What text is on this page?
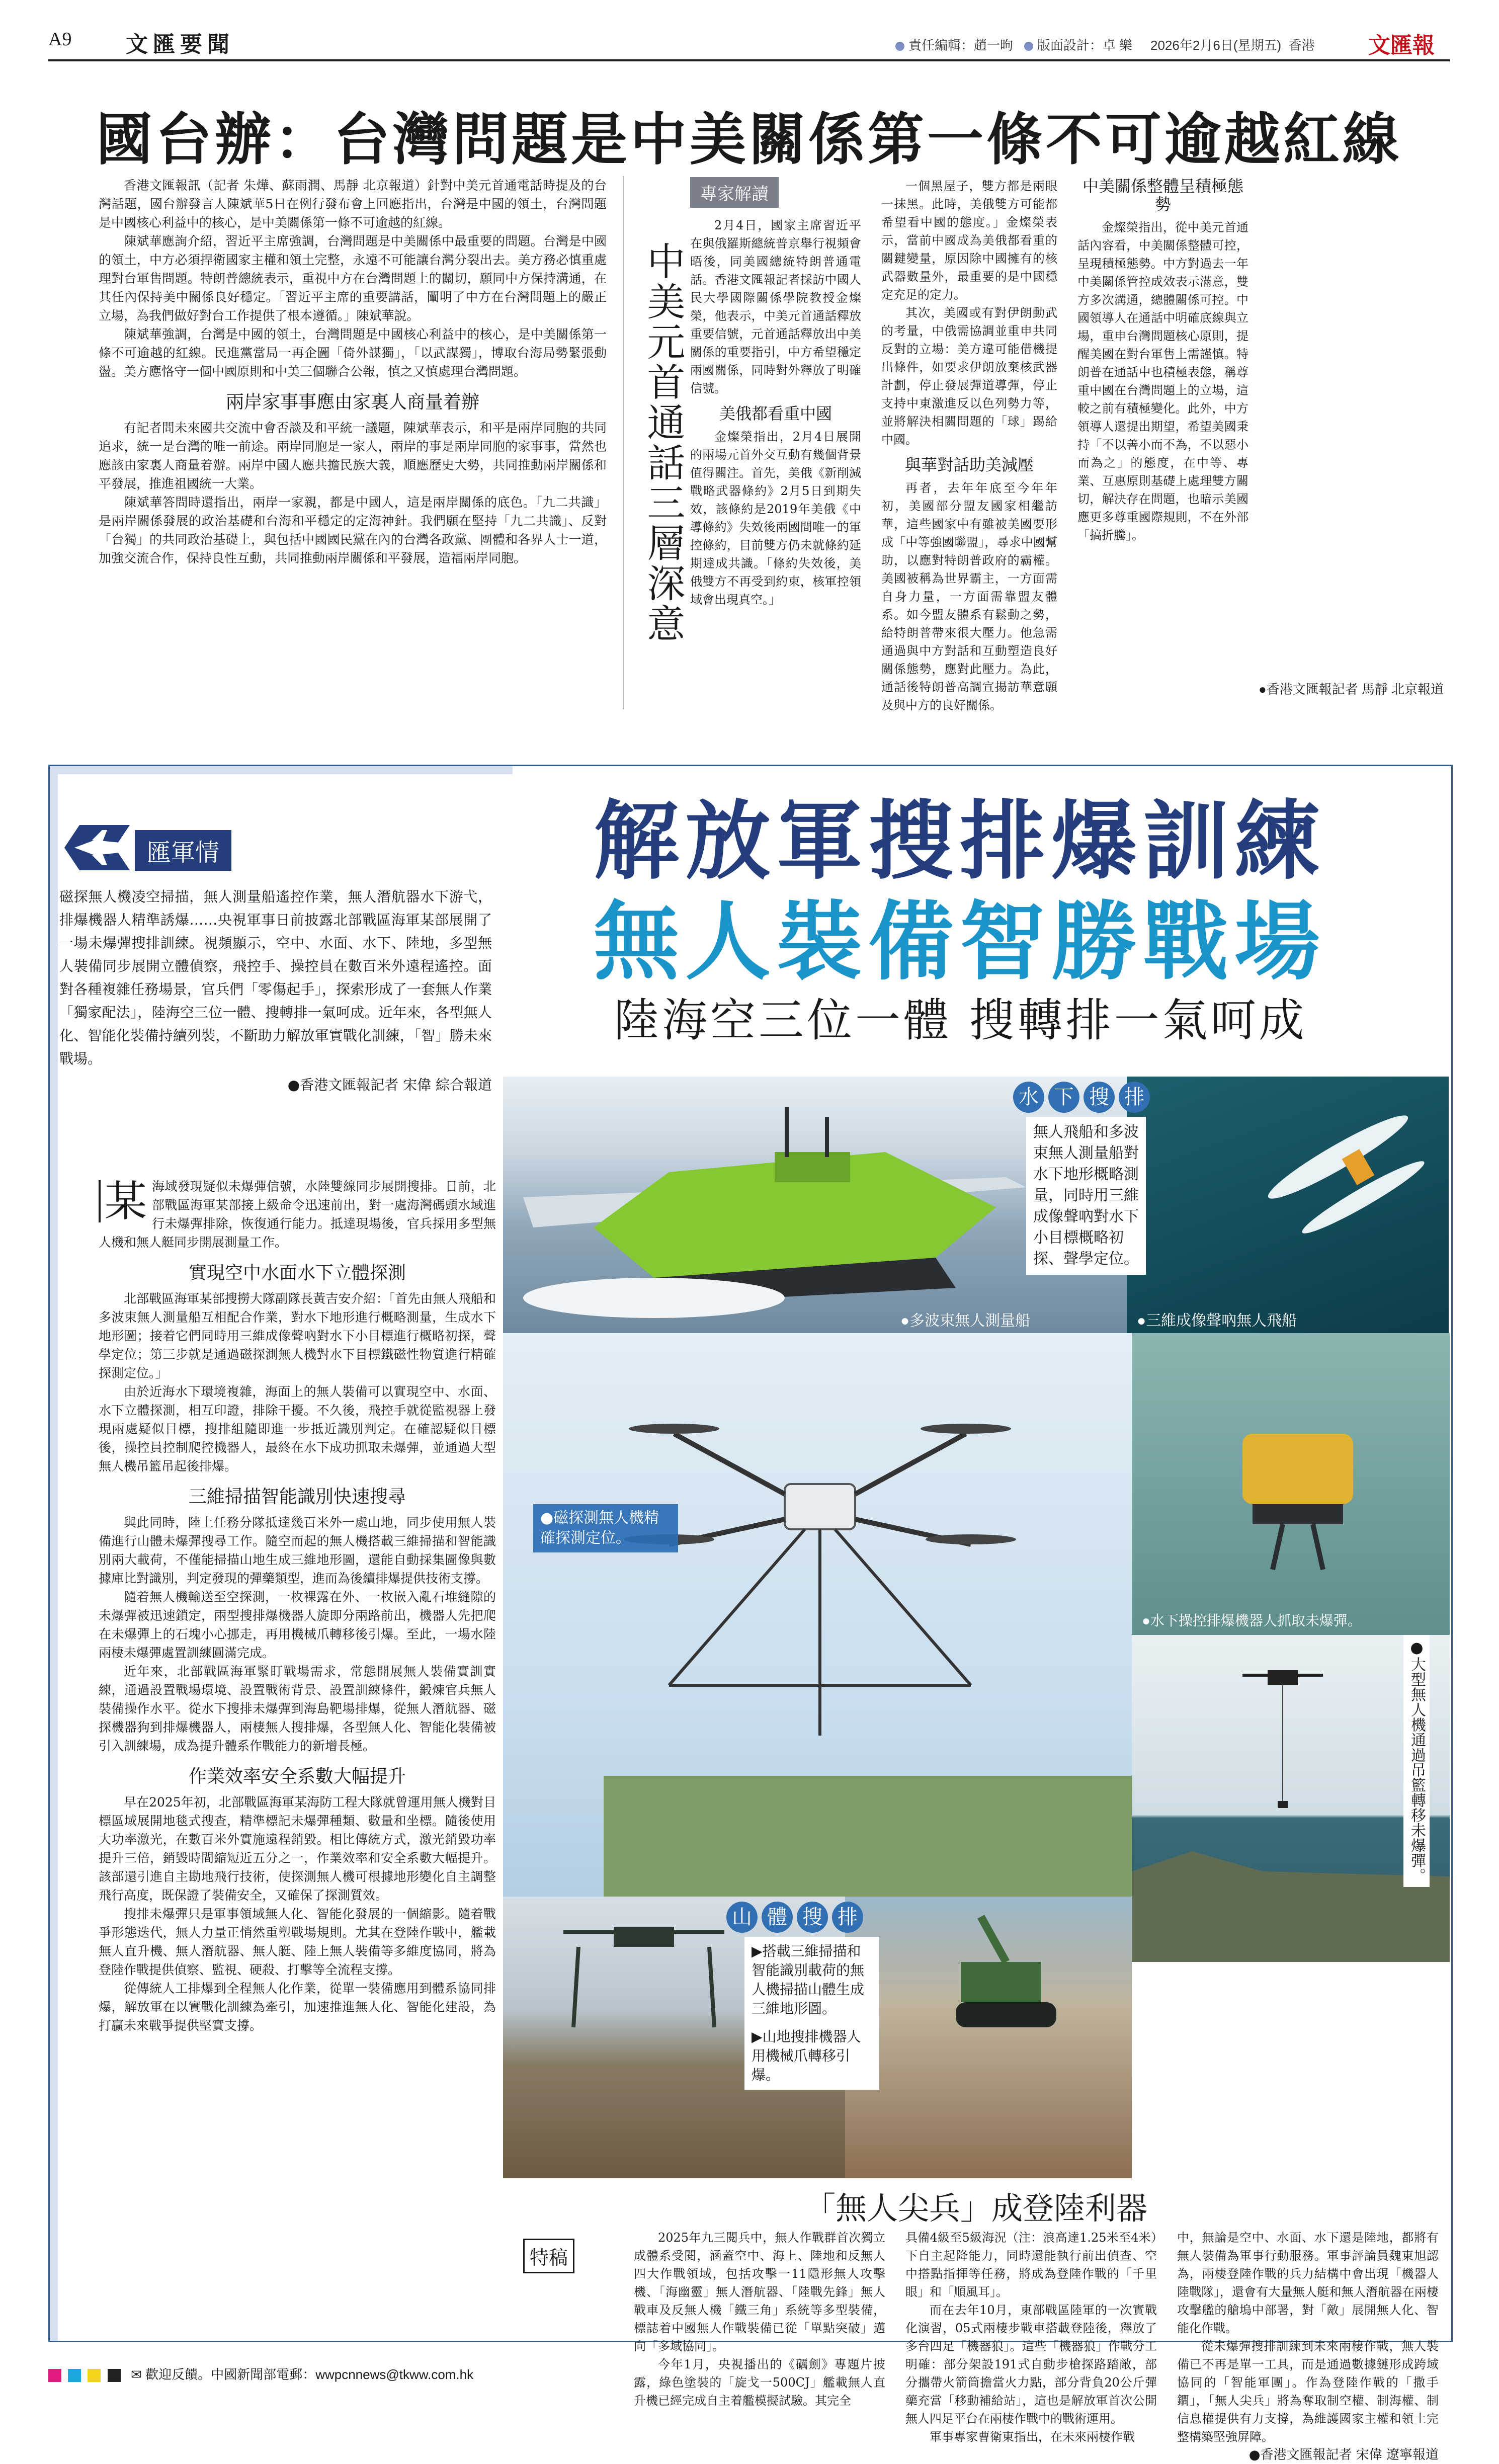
A9 文匯要聞	責任編輯：趙一昫 版面設計：卓 樂 2026年2月6日(星期五) 香港 文匯報
國台辦：台灣問題是中美關係第一條不可逾越紅線

香港文匯報訊（記者 朱燁、蘇雨潤、馬靜 北京報道）針對中美元首通電話時提及的台灣話題，國台辦發言人陳斌華5日在例行發布會上回應指出，台灣是中國的領土，台灣問題是中國核心利益中的核心，是中美關係第一條不可逾越的紅線。

陳斌華應詢介紹，習近平主席強調，台灣問題是中美關係中最重要的問題。台灣是中國的領土，中方必須捍衛國家主權和領土完整，永遠不可能讓台灣分裂出去。美方務必慎重處理對台軍售問題。特朗普總統表示，重視中方在台灣問題上的關切，願同中方保持溝通，在其任內保持美中關係良好穩定。「習近平主席的重要講話，闡明了中方在台灣問題上的嚴正立場，為我們做好對台工作提供了根本遵循。」陳斌華說。

陳斌華強調，台灣是中國的領土，台灣問題是中國核心利益中的核心，是中美關係第一條不可逾越的紅線。民進黨當局一再企圖「倚外謀獨」，「以武謀獨」，博取台海局勢緊張動盪。美方應恪守一個中國原則和中美三個聯合公報，慎之又慎處理台灣問題。

兩岸家事事應由家裏人商量着辦

有記者問未來國共交流中會否談及和平統一議題，陳斌華表示，和平是兩岸同胞的共同追求，統一是台灣的唯一前途。兩岸同胞是一家人，兩岸的事是兩岸同胞的家事事，當然也應該由家裏人商量着辦。兩岸中國人應共擔民族大義，順應歷史大勢，共同推動兩岸關係和平發展，推進祖國統一大業。

陳斌華答問時還指出，兩岸一家親，都是中國人，這是兩岸關係的底色。「九二共識」是兩岸關係發展的政治基礎和台海和平穩定的定海神針。我們願在堅持「九二共識」、反對「台獨」的共同政治基礎上，與包括中國國民黨在內的台灣各政黨、團體和各界人士一道，加強交流合作，保持良性互動，共同推動兩岸關係和平發展，造福兩岸同胞。	中美元首通話三層深意
專家解讀

2月4日，國家主席習近平在與俄羅斯總統普京舉行視頻會晤後，同美國總統特朗普通電話。香港文匯報記者採訪中國人民大學國際關係學院教授金燦榮，他表示，中美元首通話釋放重要信號，元首通話釋放出中美關係的重要指引，中方希望穩定兩國關係，同時對外釋放了明確信號。

美俄都看重中國

金燦榮指出，2月4日展開的兩場元首外交互動有幾個背景值得關注。首先，美俄《新削減戰略武器條約》2月5日到期失效，該條約是2019年美俄《中導條約》失效後兩國間唯一的軍控條約，目前雙方仍未就條約延期達成共識。「條約失效後，美俄雙方不再受到約束，核軍控領域會出現真空。」

一個黑屋子，雙方都是兩眼一抹黑。此時，美俄雙方可能都希望看中國的態度。」金燦榮表示，當前中國成為美俄都看重的關鍵變量，原因除中國擁有的核武器數量外，最重要的是中國穩定充足的定力。

其次，美國或有對伊朗動武的考量，中俄需協調並重申共同反對的立場：美方違可能借機提出條件，如要求伊朗放棄核武器計劃，停止發展彈道導彈，停止支持中東激進反以色列勢力等，並將解決相關問題的「球」踢給中國。

與華對話助美減壓

再者，去年年底至今年年初，美國部分盟友國家相繼訪華，這些國家中有雖被美國要形成「中等強國聯盟」，尋求中國幫助，以應對特朗普政府的霸權。美國被稱為世界霸主，一方面需自身力量，一方面需靠盟友體系。如今盟友體系有鬆動之勢，給特朗普帶來很大壓力。他急需通過與中方對話和互動塑造良好關係態勢，應對此壓力。為此，通話後特朗普高調宣揚訪華意願及與中方的良好關係。

中美關係整體呈積極態勢

金燦榮指出，從中美元首通話內容看，中美關係整體可控，呈現積極態勢。中方對過去一年中美關係管控成效表示滿意，雙方多次溝通，總體關係可控。中國領導人在通話中明確底線與立場，重申台灣問題核心原則，提醒美國在對台軍售上需謹慎。特朗普在通話中也積極表態，稱尊重中國在台灣問題上的立場，這較之前有積極變化。此外，中方領導人還提出期望，希望美國秉持「不以善小而不為，不以惡小而為之」的態度，在中等、專業、互惠原則基礎上處理雙方關切，解決存在問題，也暗示美國應更多尊重國際規則，不在外部「搞折騰」。

●香港文匯報記者 馬靜 北京報道
匯軍情	解放軍搜排爆訓練
無人裝備智勝戰場
陸海空三位一體 搜轉排一氣呵成
磁探無人機凌空掃描，無人測量船遙控作業，無人潛航器水下游弋，排爆機器人精準誘爆……央視軍事日前披露北部戰區海軍某部展開了一場未爆彈搜排訓練。視頻顯示，空中、水面、水下、陸地，多型無人裝備同步展開立體偵察，飛控手、操控員在數百米外遠程遙控。面對各種複雜任務場景，官兵們「零傷起手」，探索形成了一套無人作業「獨家配法」，陸海空三位一體、搜轉排一氣呵成。近年來，各型無人化、智能化裝備持續列裝，不斷助力解放軍實戰化訓練，「智」勝未來戰場。
●香港文匯報記者 宋偉 綜合報道
某 海域發現疑似未爆彈信號，水陸雙線同步展開搜排。日前，北部戰區海軍某部接上級命令迅速前出，對一處海灣碼頭水域進行未爆彈排除，恢復通行能力。抵達現場後，官兵採用多型無人機和無人艇同步開展測量工作。
實現空中水面水下立體探測

北部戰區海軍某部搜撈大隊副隊長黃吉安介紹：「首先由無人飛船和多波束無人測量船互相配合作業，對水下地形進行概略測量，生成水下地形圖；接着它們同時用三維成像聲吶對水下小目標進行概略初探，聲學定位；第三步就是通過磁探測無人機對水下目標鐵磁性物質進行精確探測定位。」

由於近海水下環境複雜，海面上的無人裝備可以實現空中、水面、水下立體探測，相互印證，排除干擾。不久後，飛控手就從監視器上發現兩處疑似目標，搜排組隨即進一步抵近識別判定。在確認疑似目標後，操控員控制爬控機器人，最終在水下成功抓取未爆彈，並通過大型無人機吊籃吊起後排爆。

三維掃描智能識別快速搜尋

與此同時，陸上任務分隊抵達幾百米外一處山地，同步使用無人裝備進行山體未爆彈搜尋工作。隨空而起的無人機搭載三維掃描和智能識別兩大載荷，不僅能掃描山地生成三維地形圖，還能自動採集圖像與數據庫比對識別，判定發現的彈藥類型，進而為後續排爆提供技術支撐。

隨着無人機輸送至空探測，一枚裸露在外、一枚嵌入亂石堆縫隙的未爆彈被迅速鎖定，兩型搜排爆機器人旋即分兩路前出，機器人先把爬在未爆彈上的石塊小心挪走，再用機械爪轉移後引爆。至此，一場水陸兩棲未爆彈處置訓練圓滿完成。

近年來，北部戰區海軍緊盯戰場需求，常態開展無人裝備實訓實練，通過設置戰場環境、設置戰術背景、設置訓練條件，鍛煉官兵無人裝備操作水平。從水下搜排未爆彈到海島靶場排爆，從無人潛航器、磁探機器狗到排爆機器人，兩棲無人搜排爆，各型無人化、智能化裝備被引入訓練場，成為提升體系作戰能力的新增長極。

作業效率安全系數大幅提升

早在2025年初，北部戰區海軍某海防工程大隊就曾運用無人機對目標區域展開地毯式搜查，精準標記未爆彈種類、數量和坐標。隨後使用大功率激光，在數百米外實施遠程銷毀。相比傳統方式，激光銷毀功率提升三倍，銷毀時間縮短近五分之一，作業效率和安全系數大幅提升。該部還引進自主勘地飛行技術，使探測無人機可根據地形變化自主調整飛行高度，既保證了裝備安全，又確保了探測質效。

搜排未爆彈只是軍事領域無人化、智能化發展的一個縮影。隨着戰爭形態迭代，無人力量正悄然重塑戰場規則。尤其在登陸作戰中，艦載無人直升機、無人潛航器、無人艇、陸上無人裝備等多維度協同，將為登陸作戰提供偵察、監視、硬殺、打擊等全流程支撐。

從傳統人工排爆到全程無人化作業，從單一裝備應用到體系協同排爆，解放軍在以實戰化訓練為牽引，加速推進無人化、智能化建設，為打贏未來戰爭提供堅實支撐。

●多波束無人測量船	●三維成像聲吶無人飛船
水 下 搜 排
無人飛船和多波束無人測量船對水下地形概略測量，同時用三維成像聲吶對水下小目標概略初探、聲學定位。
●磁探測無人機精確探測定位。
●水下操控排爆機器人抓取未爆彈。
●大型無人機通過吊籃轉移未爆彈。
山 體 搜 排
▶搭載三維掃描和智能識別載荷的無人機掃描山體生成三維地形圖。
▶山地搜排機器人用機械爪轉移引爆。
「無人尖兵」成登陸利器
特稿

2025年九三閱兵中，無人作戰群首次獨立成體系受閱，涵蓋空中、海上、陸地和反無人四大作戰領域，包括攻擊一11隱形無人攻擊機、「海幽靈」無人潛航器、「陸戰先鋒」無人戰車及反無人機「鐵三角」系統等多型裝備，標誌着中國無人作戰裝備已從「單點突破」邁向「多域協同」。

今年1月，央視播出的《礪劍》專題片披露，綠色塗裝的「旋戈一500CJ」艦載無人直升機已經完成自主着艦模擬試驗。其完全

具備4級至5級海況（注：浪高達1.25米至4米）下自主起降能力，同時還能執行前出偵查、空中搭點指揮等任務，將成為登陸作戰的「千里眼」和「順風耳」。

而在去年10月，東部戰區陸軍的一次實戰化演習，05式兩棲步戰車搭載登陸後，釋放了多台四足「機器狼」。這些「機器狼」作戰分工明確：部分架設191式自動步槍探路踏敵，部分攜帶火箭筒擔當火力點，部分背負20公斤彈藥充當「移動補給站」，這也是解放軍首次公開無人四足平台在兩棲作戰中的戰術運用。

軍事專家曹衛東指出，在未來兩棲作戰

中，無論是空中、水面、水下還是陸地，都將有無人裝備為軍事行動服務。軍事評論員魏東旭認為，兩棲登陸作戰的兵力結構中會出現「機器人陸戰隊」，還會有大量無人艇和無人潛航器在兩棲攻擊艦的艙塢中部署，對「敵」展開無人化、智能化作戰。

從未爆彈搜排訓練到未來兩棲作戰，無人裝備已不再是單一工具，而是通過數據鏈形成跨域協同的「智能軍團」。作為登陸作戰的「撒手鐧」，「無人尖兵」將為奪取制空權、制海權、制信息權提供有力支撐，為維護國家主權和領土完整構築堅強屏障。

●香港文匯報記者 宋偉 遼寧報道
✉ 歡迎反饋。中國新聞部電郵：wwpcnnews@tkww.com.hk
